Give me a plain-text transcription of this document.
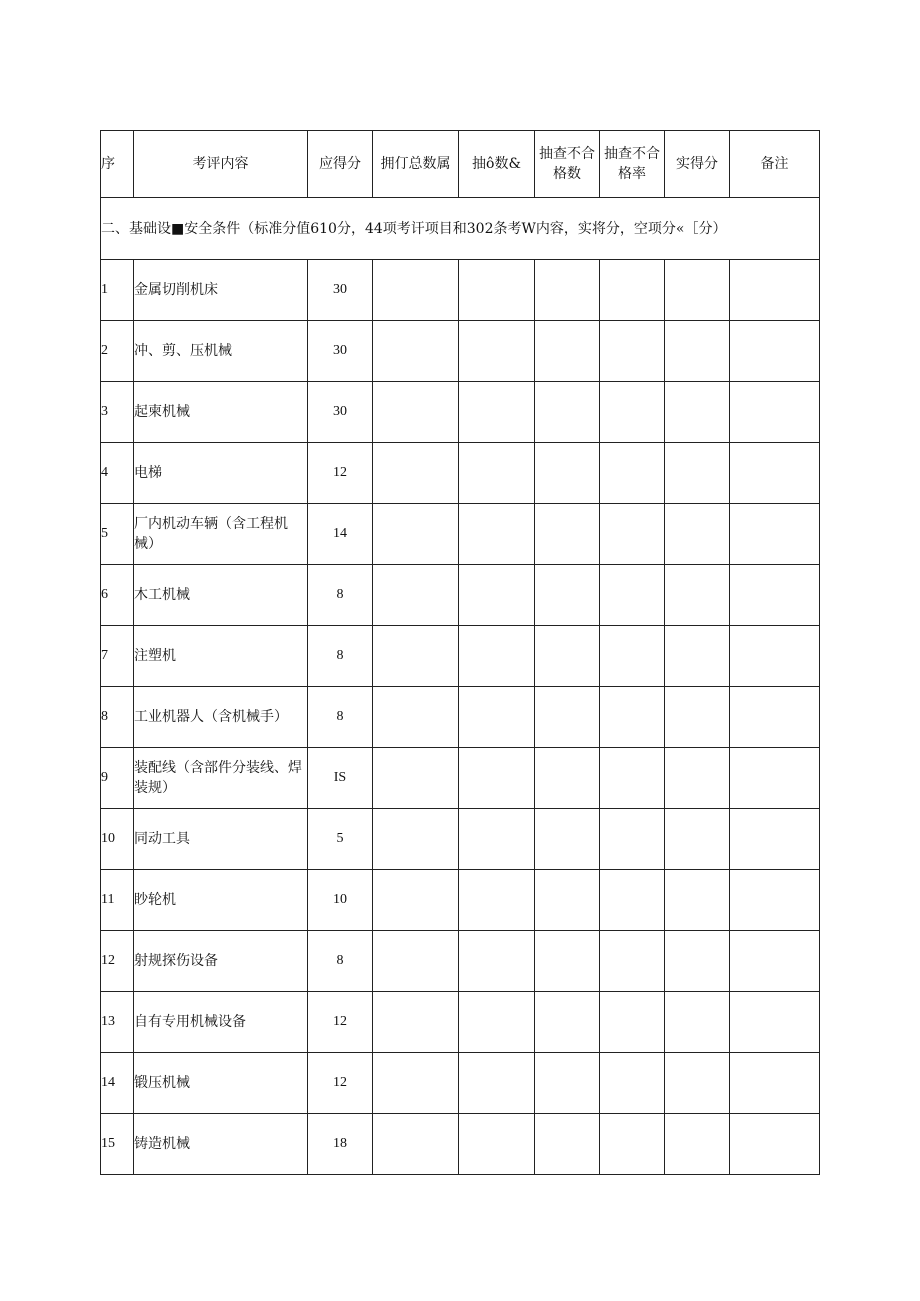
序	考评内容	应得分	拥仃总数属	抽ô数&	抽查不合格数	抽查不合格率	实得分	备注
二、基础设■安全条件（标准分值610分，44项考讦项目和302条考W内容，实将分，空项分«［分）								
1	金属切削机床	30						
2	冲、剪、压机械	30						
3	起柬机械	30						
4	电梯	12						
5	厂内机动车辆（含工程机械）	14						
6	木工机械	8						
7	注塑机	8						
8	工业机器人（含机械手）	8						
9	装配线（含部件分装线、焊装规）	IS						
10	同动工具	5						
11	眇轮机	10						
12	射规探伤设备	8						
13	自有专用机械设备	12						
14	锻压机械	12						
15	铸造机械	18						
